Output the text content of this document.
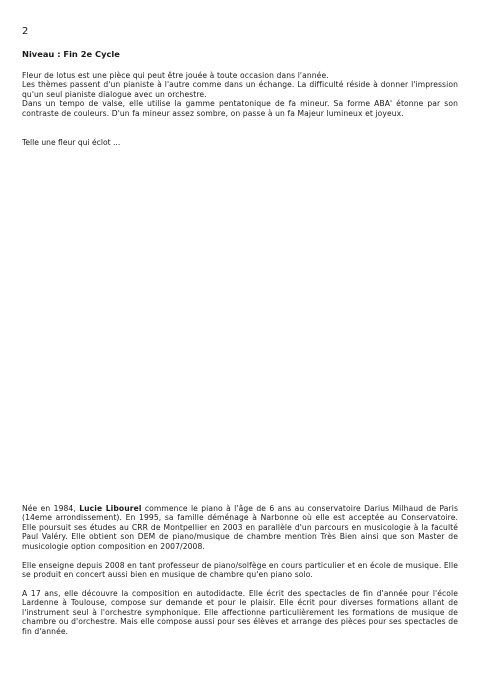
2
Niveau : Fin 2e Cycle

Fleur de lotus est une pièce qui peut être jouée à toute occasion dans l'année.

Les thèmes passent d'un pianiste à l'autre comme dans un échange. La difficulté réside à donner l'impression qu'un seul pianiste dialogue avec un orchestre.

Dans un tempo de valse, elle utilise la gamme pentatonique de fa mineur. Sa forme ABA' étonne par son contraste de couleurs. D'un fa mineur assez sombre, on passe à un fa Majeur lumineux et joyeux.

Telle une fleur qui éclot ...

Née en 1984, Lucie Libourel commence le piano à l'âge de 6 ans au conservatoire Darius Milhaud de Paris (14eme arrondissement). En 1995, sa famille déménage à Narbonne où elle est acceptée au Conservatoire. Elle poursuit ses études au CRR de Montpellier en 2003 en parallèle d'un parcours en musicologie à la faculté Paul Valéry. Elle obtient son DEM de piano/musique de chambre mention Très Bien ainsi que son Master de musicologie option composition en 2007/2008.

Elle enseigne depuis 2008 en tant professeur de piano/solfège en cours particulier et en école de musique. Elle se produit en concert aussi bien en musique de chambre qu'en piano solo.

A 17 ans, elle découvre la composition en autodidacte. Elle écrit des spectacles de fin d'année pour l'école Lardenne à Toulouse, compose sur demande et pour le plaisir. Elle écrit pour diverses formations allant de l'instrument seul à l'orchestre symphonique. Elle affectionne particulièrement les formations de musique de chambre ou d'orchestre. Mais elle compose aussi pour ses élèves et arrange des pièces pour ses spectacles de fin d'année.
